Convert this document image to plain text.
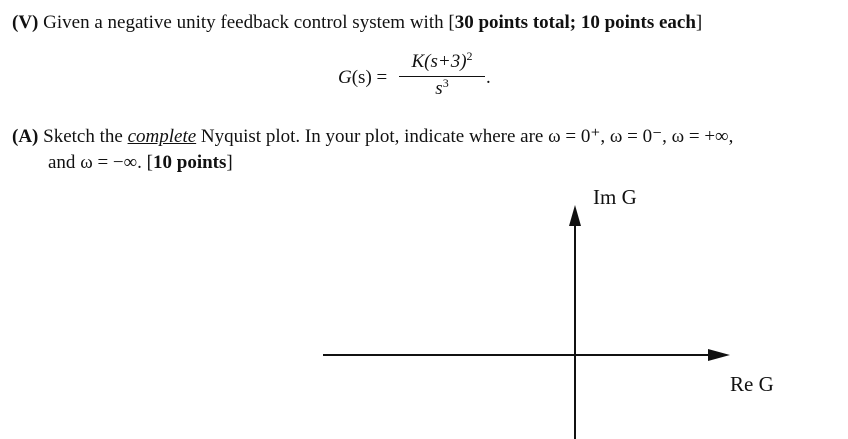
(V) Given a negative unity feedback control system with [30 points total; 10 points each]
G(s) =
$K(s+3)^2$
$s^3$	.
(A) Sketch the complete Nyquist plot. In your plot, indicate where are ω = 0⁺, ω = 0⁻, ω = +∞,
and ω = −∞. [10 points]
Im G
Re G
